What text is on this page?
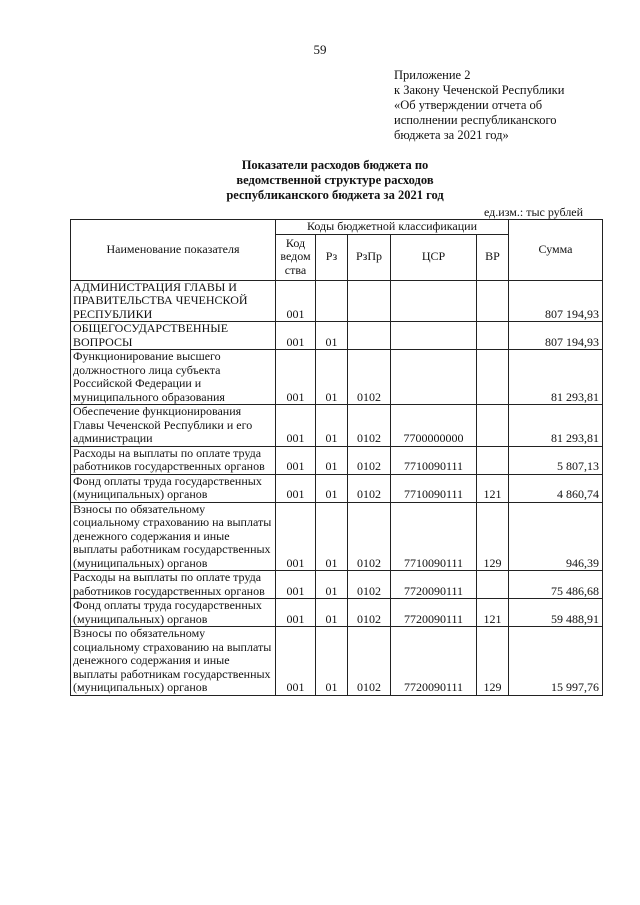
59
Приложение 2
к Закону Чеченской Республики
«Об утверждении отчета об
исполнении республиканского
бюджета за 2021 год»
Показатели расходов бюджета по
ведомственной структуре расходов
республиканского бюджета за 2021 год
ед.изм.: тыс рублей
Наименование показателя	Коды бюджетной классификации					Сумма
	Код ведом ства	Рз	РзПр	ЦСР	ВР	
АДМИНИСТРАЦИЯ ГЛАВЫ И ПРАВИТЕЛЬСТВА ЧЕЧЕНСКОЙ РЕСПУБЛИКИ	001					807 194,93
ОБЩЕГОСУДАРСТВЕННЫЕ ВОПРОСЫ	001	01				807 194,93
Функционирование высшего должностного лица субъекта Российской Федерации и муниципального образования	001	01	0102			81 293,81
Обеспечение функционирования Главы Чеченской Республики и его администрации	001	01	0102	7700000000		81 293,81
Расходы на выплаты по оплате труда работников государственных органов	001	01	0102	7710090111		5 807,13
Фонд оплаты труда государственных (муниципальных) органов	001	01	0102	7710090111	121	4 860,74
Взносы по обязательному социальному страхованию на выплаты денежного содержания и иные выплаты работникам государственных (муниципальных) органов	001	01	0102	7710090111	129	946,39
Расходы на выплаты по оплате труда работников государственных органов	001	01	0102	7720090111		75 486,68
Фонд оплаты труда государственных (муниципальных) органов	001	01	0102	7720090111	121	59 488,91
Взносы по обязательному социальному страхованию на выплаты денежного содержания и иные выплаты работникам государственных (муниципальных) органов	001	01	0102	7720090111	129	15 997,76
